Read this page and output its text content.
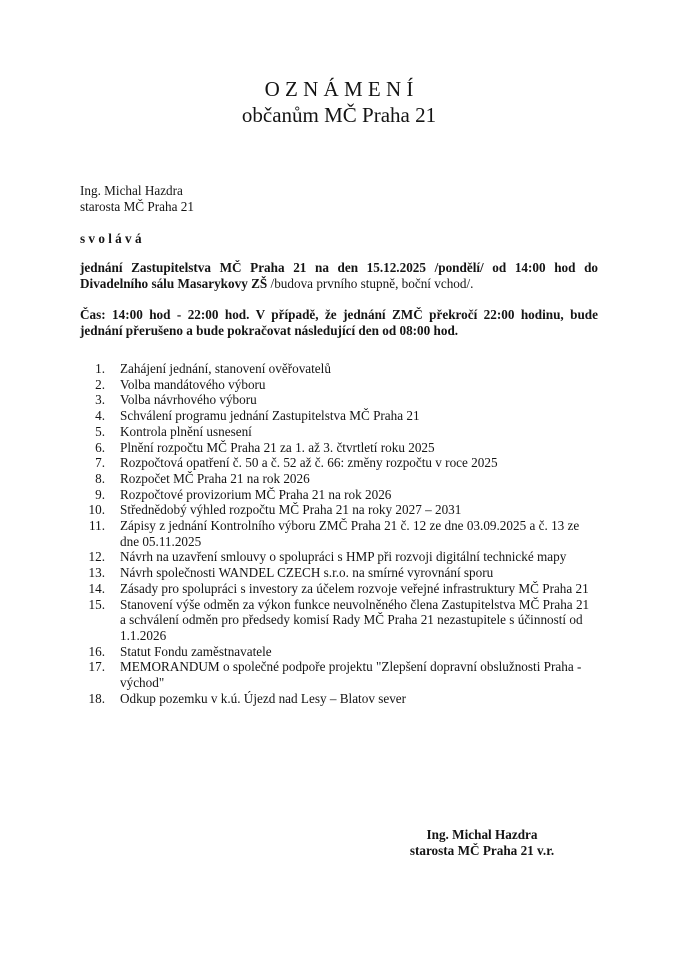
O Z N Á M E N Í
občanům MČ Praha 21
Ing. Michal Hazdra
starosta MČ Praha 21
s v o l á v á

jednání Zastupitelstva MČ Praha 21 na den 15.12.2025 /pondělí/ od 14:00 hod do Divadelního sálu Masarykovy ZŠ /budova prvního stupně, boční vchod/.

Čas: 14:00 hod - 22:00 hod. V případě, že jednání ZMČ překročí 22:00 hodinu, bude jednání přerušeno a bude pokračovat následující den od 08:00 hod.

1. Zahájení jednání, stanovení ověřovatelů
2. Volba mandátového výboru
3. Volba návrhového výboru
4. Schválení programu jednání Zastupitelstva MČ Praha 21
5. Kontrola plnění usnesení
6. Plnění rozpočtu MČ Praha 21 za 1. až 3. čtvrtletí roku 2025
7. Rozpočtová opatření č. 50 a č. 52 až č. 66: změny rozpočtu v roce 2025
8. Rozpočet MČ Praha 21 na rok 2026
9. Rozpočtové provizorium MČ Praha 21 na rok 2026
10. Střednědobý výhled rozpočtu MČ Praha 21 na roky 2027 – 2031
11. Zápisy z jednání Kontrolního výboru ZMČ Praha 21 č. 12 ze dne 03.09.2025 a č. 13 ze dne 05.11.2025
12. Návrh na uzavření smlouvy o spolupráci s HMP při rozvoji digitální technické mapy
13. Návrh společnosti WANDEL CZECH s.r.o. na smírné vyrovnání sporu
14. Zásady pro spolupráci s investory za účelem rozvoje veřejné infrastruktury MČ Praha 21
15. Stanovení výše odměn za výkon funkce neuvolněného člena Zastupitelstva MČ Praha 21 a schválení odměn pro předsedy komisí Rady MČ Praha 21 nezastupitele s účinností od 1.1.2026
16. Statut Fondu zaměstnavatele
17. MEMORANDUM o společné podpoře projektu "Zlepšení dopravní obslužnosti Praha - východ"
18. Odkup pozemku v k.ú. Újezd nad Lesy – Blatov sever
Ing. Michal Hazdra
starosta MČ Praha 21 v.r.
